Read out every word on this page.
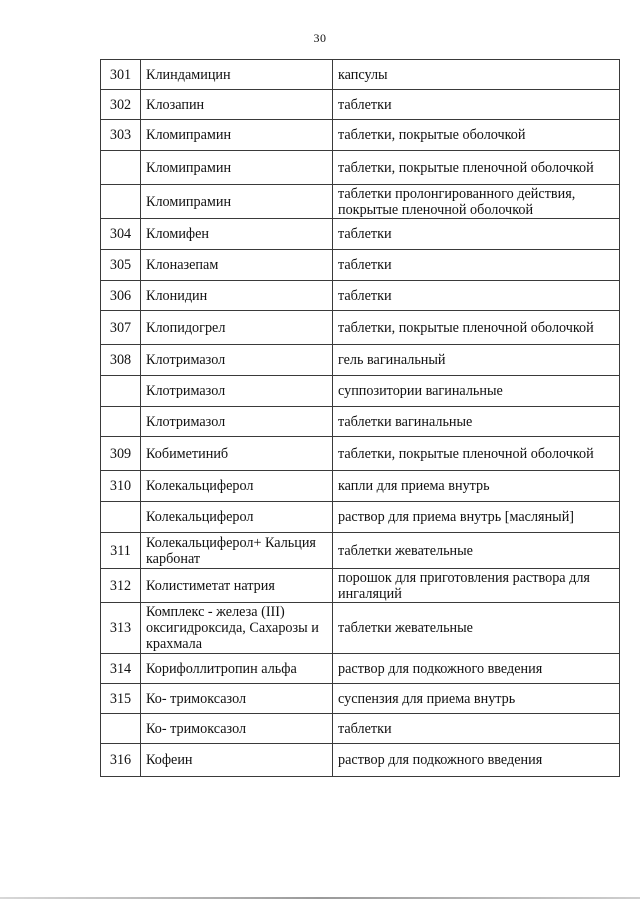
30
301	Клиндамицин	капсулы
302	Клозапин	таблетки
303	Кломипрамин	таблетки, покрытые оболочкой
	Кломипрамин	таблетки, покрытые пленочной оболочкой
	Кломипрамин	таблетки пролонгированного действия, покрытые пленочной оболочкой
304	Кломифен	таблетки
305	Клоназепам	таблетки
306	Клонидин	таблетки
307	Клопидогрел	таблетки, покрытые пленочной оболочкой
308	Клотримазол	гель вагинальный
	Клотримазол	суппозитории вагинальные
	Клотримазол	таблетки вагинальные
309	Кобиметиниб	таблетки, покрытые пленочной оболочкой
310	Колекальциферол	капли для приема внутрь
	Колекальциферол	раствор для приема внутрь [масляный]
311	Колекальциферол+ Кальция карбонат	таблетки жевательные
312	Колистиметат натрия	порошок для приготовления раствора для ингаляций
313	Комплекс - железа (III) оксигидроксида, Сахарозы и крахмала	таблетки жевательные
314	Корифоллитропин альфа	раствор для подкожного введения
315	Ко- тримоксазол	суспензия для приема внутрь
	Ко- тримоксазол	таблетки
316	Кофеин	раствор для подкожного введения
